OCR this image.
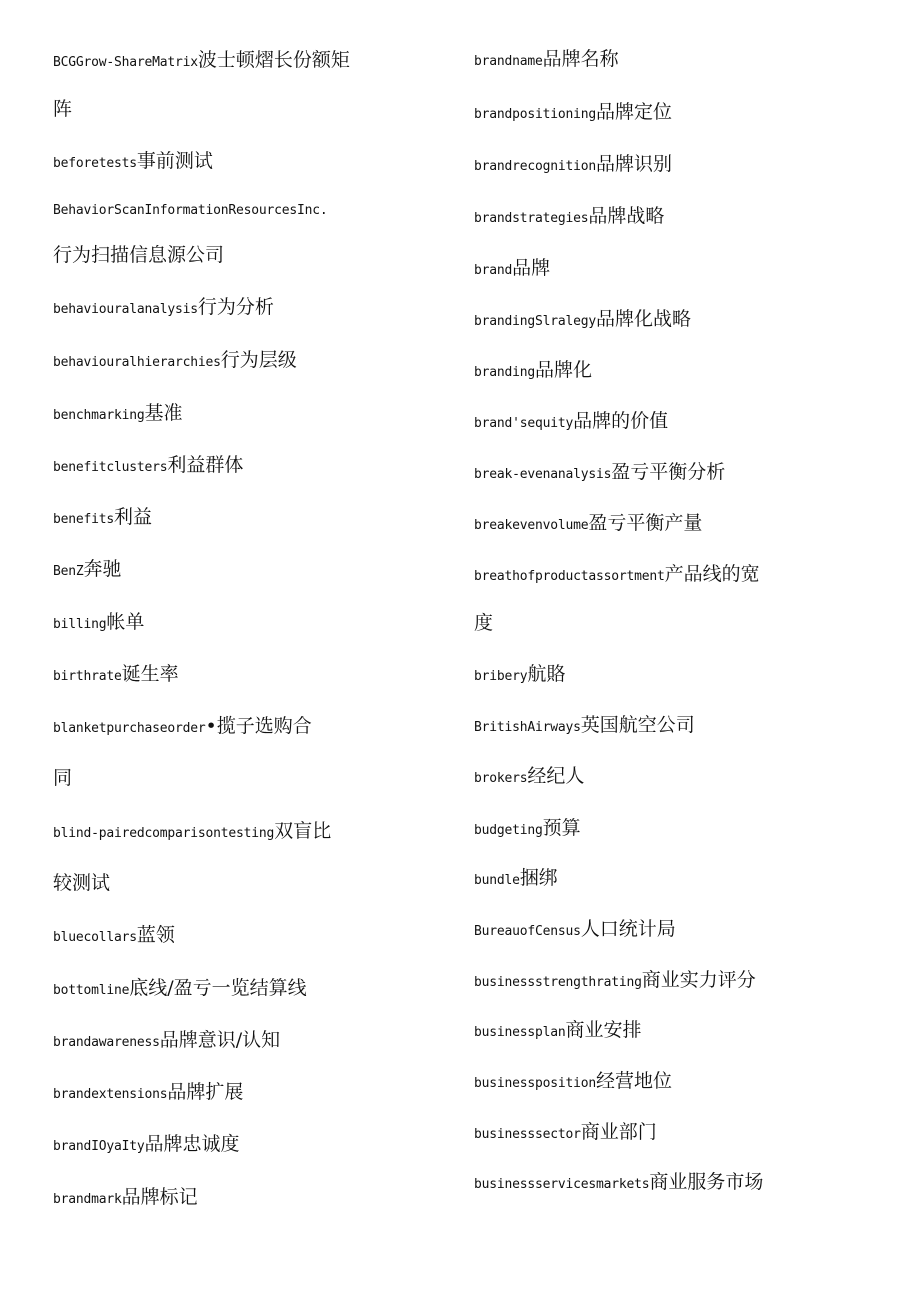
BCGGrow-ShareMatrix波士顿熠长份额矩
阵
beforetests事前测试
BehaviorScanInformationResourcesInc.
行为扫描信息源公司
behaviouralanalysis行为分析
behaviouralhierarchies行为层级
benchmarking基准
benefitclusters利益群体
benefits利益
BenZ奔驰
billing帐单
birthrate诞生率
blanketpurchaseorder•揽子选购合
同
blind-pairedcomparisontesting双盲比
较测试
bluecollars蓝领
bottomline底线/盈亏一览结算线
brandawareness品牌意识/认知
brandextensions品牌扩展
brandIOyaIty品牌忠诚度
brandmark品牌标记
brandname品牌名称
brandpositioning品牌定位
brandrecognition品牌识别
brandstrategies品牌战略
brand品牌
brandingSlralegy品牌化战略
branding品牌化
brand'sequity品牌的价值
break-evenanalysis盈亏平衡分析
breakevenvolume盈亏平衡产量
breathofproductassortment产品线的宽
度
bribery航賂
BritishAirways英国航空公司
brokers经纪人
budgeting预算
bundle捆绑
BureauofCensus人口统计局
businessstrengthrating商业实力评分
businessplan商业安排
businessposition经营地位
businesssector商业部门
businessservicesmarkets商业服务市场
